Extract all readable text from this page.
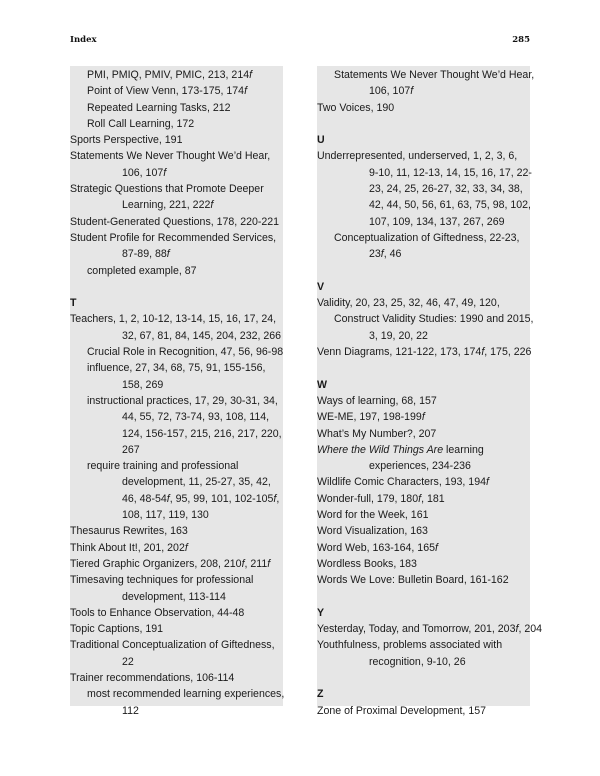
Index	285
PMI, PMIQ, PMIV, PMIC, 213, 214f
Point of View Venn, 173-175, 174f
Repeated Learning Tasks, 212
Roll Call Learning, 172
Sports Perspective, 191
Statements We Never Thought We’d Hear,
106, 107f
Strategic Questions that Promote Deeper
Learning, 221, 222f
Student-Generated Questions, 178, 220-221
Student Profile for Recommended Services,
87-89, 88f
completed example, 87
T
Teachers, 1, 2, 10-12, 13-14, 15, 16, 17, 24,
32, 67, 81, 84, 145, 204, 232, 266
Crucial Role in Recognition, 47, 56, 96-98
influence, 27, 34, 68, 75, 91, 155-156,
158, 269
instructional practices, 17, 29, 30-31, 34,
44, 55, 72, 73-74, 93, 108, 114,
124, 156-157, 215, 216, 217, 220,
267
require training and professional
development, 11, 25-27, 35, 42,
46, 48-54f, 95, 99, 101, 102-105f,
108, 117, 119, 130
Thesaurus Rewrites, 163
Think About It!, 201, 202f
Tiered Graphic Organizers, 208, 210f, 211f
Timesaving techniques for professional
development, 113-114
Tools to Enhance Observation, 44-48
Topic Captions, 191
Traditional Conceptualization of Giftedness,
22
Trainer recommendations, 106-114
most recommended learning experiences,
112
Statements We Never Thought We’d Hear,
106, 107f
Two Voices, 190
U
Underrepresented, underserved, 1, 2, 3, 6,
9-10, 11, 12-13, 14, 15, 16, 17, 22-
23, 24, 25, 26-27, 32, 33, 34, 38,
42, 44, 50, 56, 61, 63, 75, 98, 102,
107, 109, 134, 137, 267, 269
Conceptualization of Giftedness, 22-23,
23f, 46
V
Validity, 20, 23, 25, 32, 46, 47, 49, 120,
Construct Validity Studies: 1990 and 2015,
3, 19, 20, 22
Venn Diagrams, 121-122, 173, 174f, 175, 226
W
Ways of learning, 68, 157
WE-ME, 197, 198-199f
What’s My Number?, 207
Where the Wild Things Are learning
experiences, 234-236
Wildlife Comic Characters, 193, 194f
Wonder-full, 179, 180f, 181
Word for the Week, 161
Word Visualization, 163
Word Web, 163-164, 165f
Wordless Books, 183
Words We Love: Bulletin Board, 161-162
Y
Yesterday, Today, and Tomorrow, 201, 203f, 204
Youthfulness, problems associated with
recognition, 9-10, 26
Z
Zone of Proximal Development, 157
